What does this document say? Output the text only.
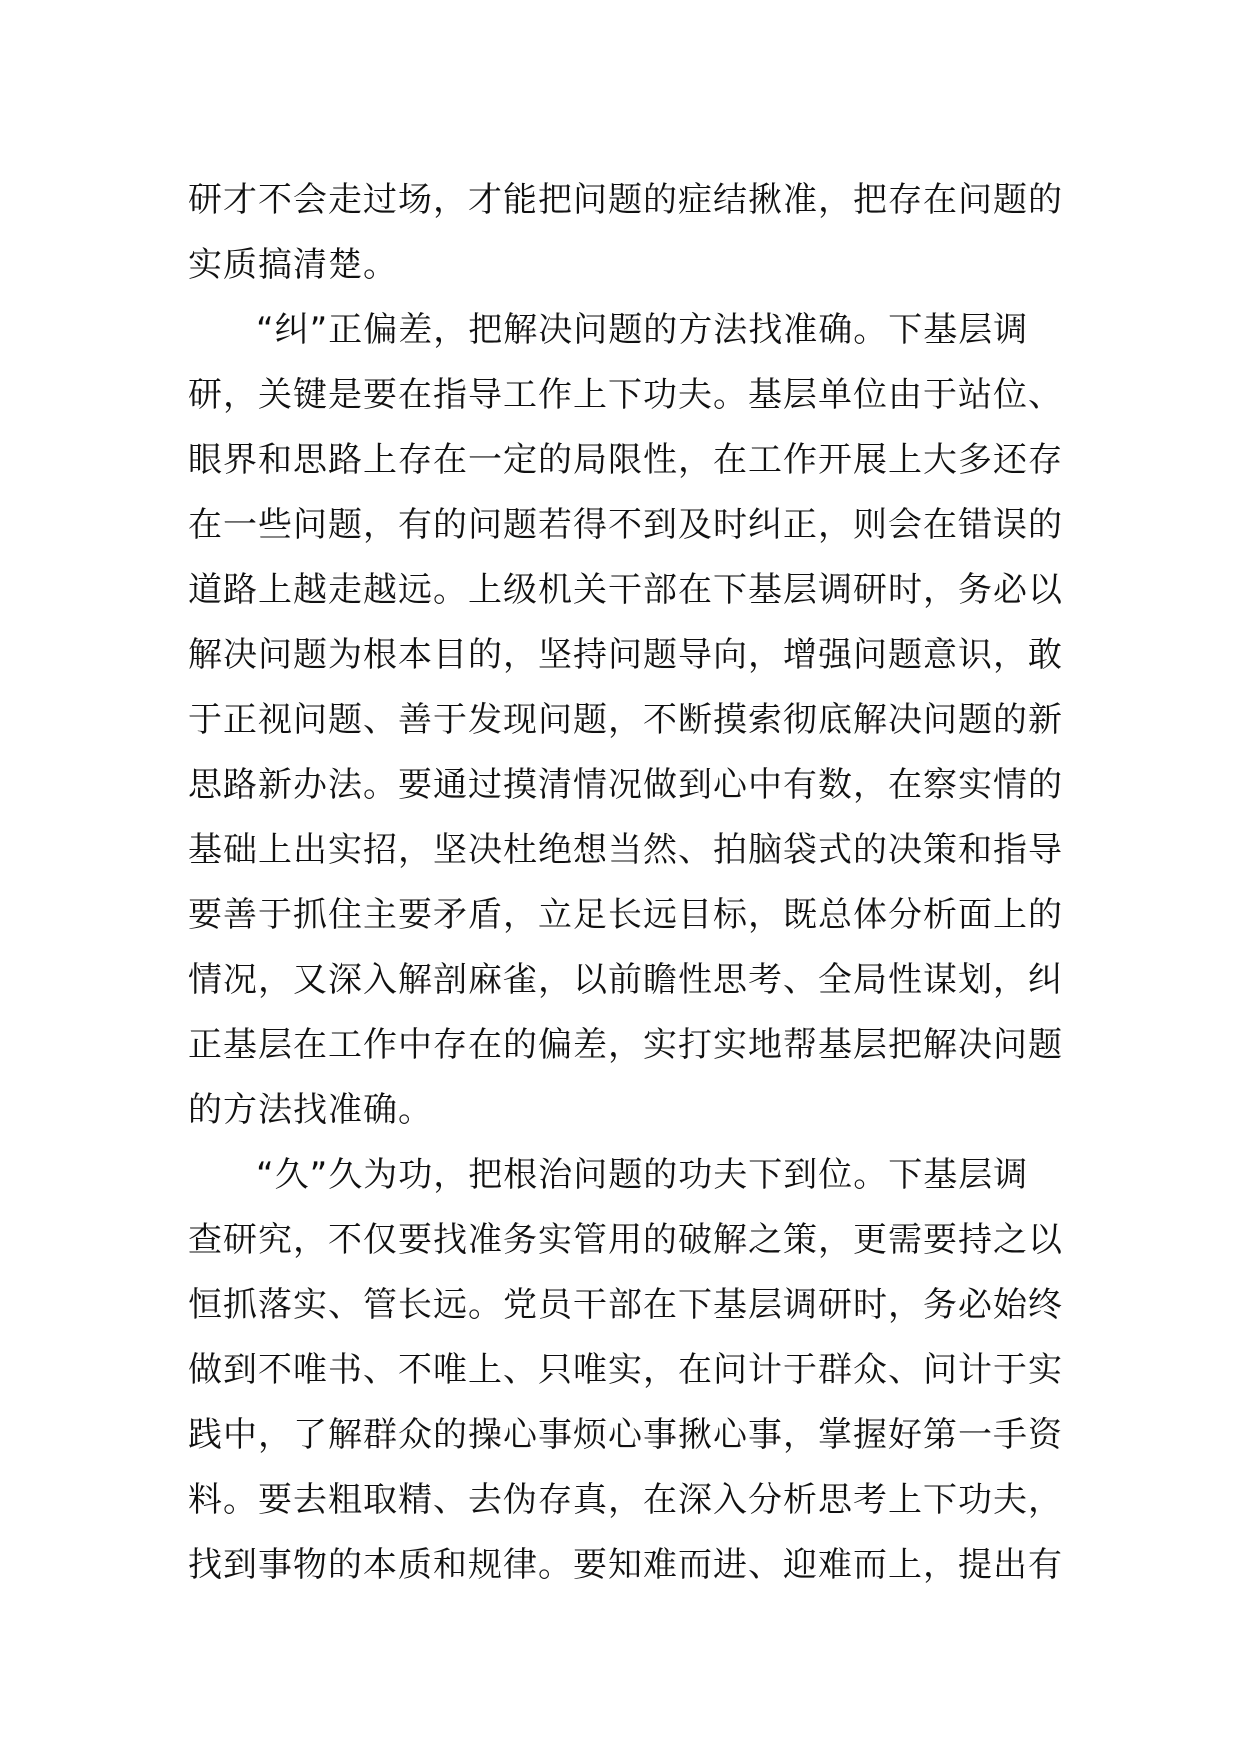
研才不会走过场，才能把问题的症结揪准，把存在问题的
实质搞清楚。
“纠”正偏差，把解决问题的方法找准确。下基层调
研，关键是要在指导工作上下功夫。基层单位由于站位、
眼界和思路上存在一定的局限性，在工作开展上大多还存
在一些问题，有的问题若得不到及时纠正，则会在错误的
道路上越走越远。上级机关干部在下基层调研时，务必以
解决问题为根本目的，坚持问题导向，增强问题意识，敢
于正视问题、善于发现问题，不断摸索彻底解决问题的新
思路新办法。要通过摸清情况做到心中有数，在察实情的
基础上出实招，坚决杜绝想当然、拍脑袋式的决策和指导
要善于抓住主要矛盾，立足长远目标，既总体分析面上的
情况，又深入解剖麻雀，以前瞻性思考、全局性谋划，纠
正基层在工作中存在的偏差，实打实地帮基层把解决问题
的方法找准确。
“久”久为功，把根治问题的功夫下到位。下基层调
查研究，不仅要找准务实管用的破解之策，更需要持之以
恒抓落实、管长远。党员干部在下基层调研时，务必始终
做到不唯书、不唯上、只唯实，在问计于群众、问计于实
践中，了解群众的操心事烦心事揪心事，掌握好第一手资
料。要去粗取精、去伪存真，在深入分析思考上下功夫，
找到事物的本质和规律。要知难而进、迎难而上，提出有
